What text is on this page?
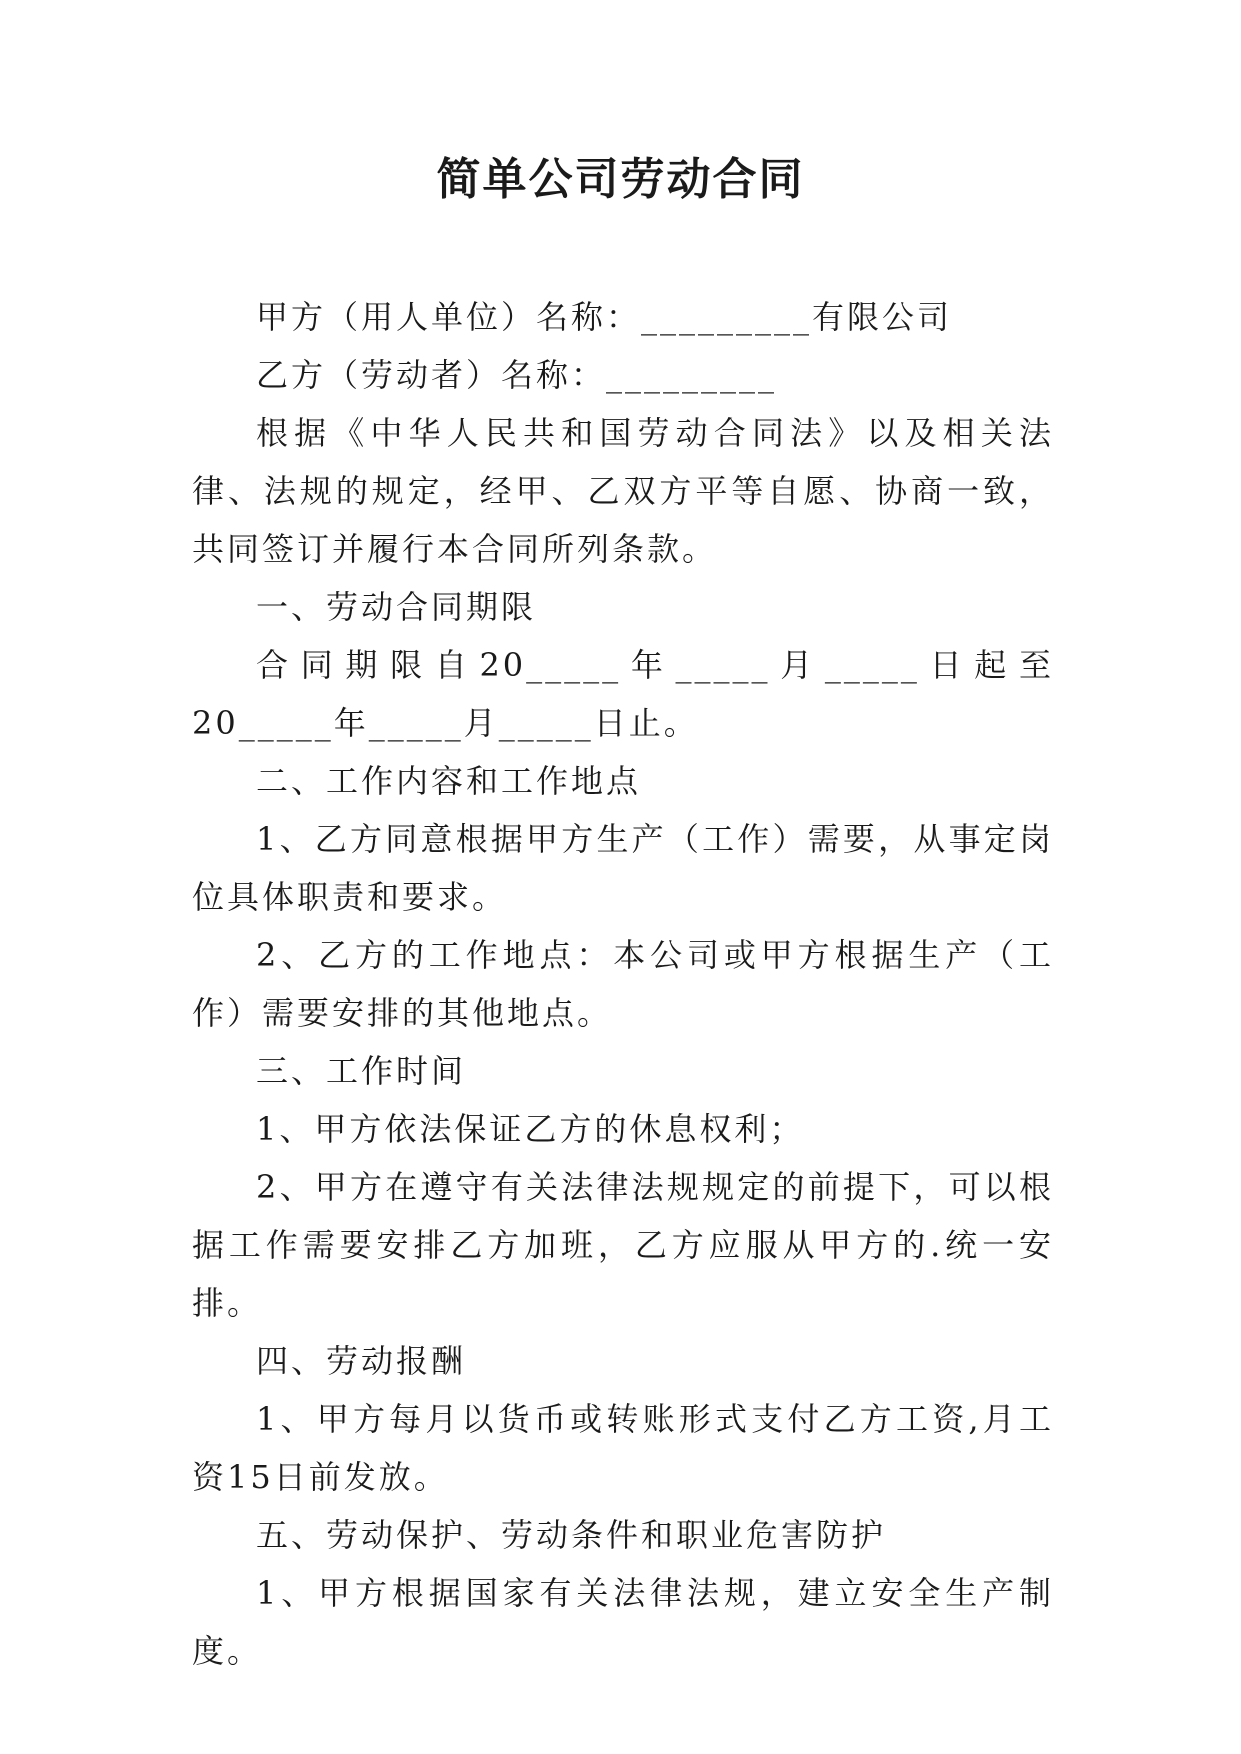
简单公司劳动合同

甲方（用人单位）名称：_________有限公司

乙方（劳动者）名称：_________

根据《中华人民共和国劳动合同法》以及相关法律、法规的规定，经甲、乙双方平等自愿、协商一致，共同签订并履行本合同所列条款。

一、劳动合同期限

合同期限自20_____年_____月_____日起至20_____年_____月_____日止。

二、工作内容和工作地点

1、乙方同意根据甲方生产（工作）需要，从事定岗位具体职责和要求。

2、乙方的工作地点：本公司或甲方根据生产（工作）需要安排的其他地点。

三、工作时间

1、甲方依法保证乙方的休息权利；

2、甲方在遵守有关法律法规规定的前提下，可以根据工作需要安排乙方加班，乙方应服从甲方的.统一安排。

四、劳动报酬

1、甲方每月以货币或转账形式支付乙方工资,月工资15日前发放。

五、劳动保护、劳动条件和职业危害防护

1、甲方根据国家有关法律法规，建立安全生产制度。
